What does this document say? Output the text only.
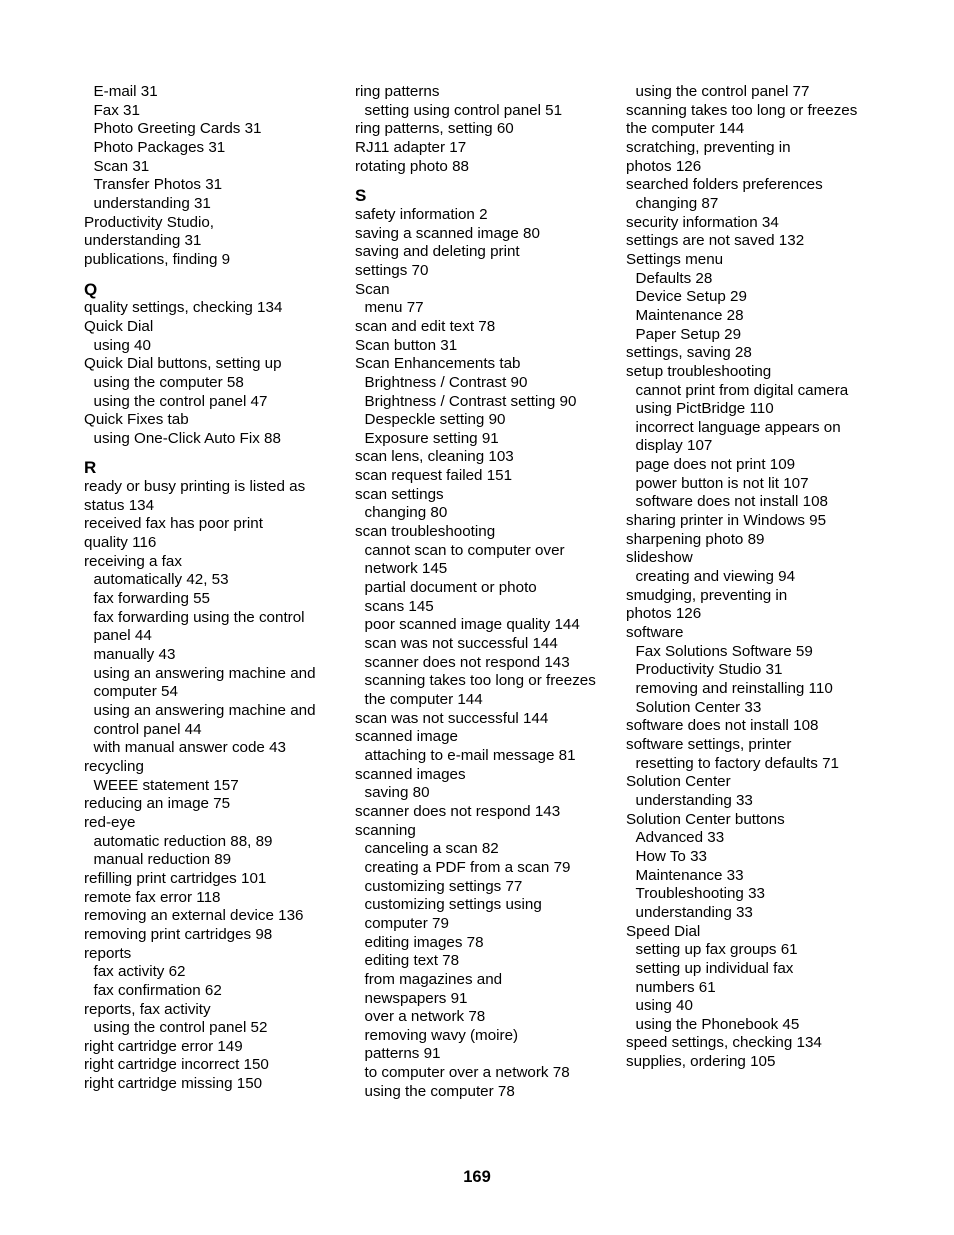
E-mail 31
Fax 31
Photo Greeting Cards 31
Photo Packages 31
Scan 31
Transfer Photos 31
understanding 31
Productivity Studio,
understanding 31
publications, finding 9
Q
quality settings, checking 134
Quick Dial
using 40
Quick Dial buttons, setting up
using the computer 58
using the control panel 47
Quick Fixes tab
using One-Click Auto Fix 88
R
ready or busy printing is listed as
status 134
received fax has poor print
quality 116
receiving a fax
automatically 42, 53
fax forwarding 55
fax forwarding using the control
panel 44
manually 43
using an answering machine and
computer 54
using an answering machine and
control panel 44
with manual answer code 43
recycling
WEEE statement 157
reducing an image 75
red-eye
automatic reduction 88, 89
manual reduction 89
refilling print cartridges 101
remote fax error 118
removing an external device 136
removing print cartridges 98
reports
fax activity 62
fax confirmation 62
reports, fax activity
using the control panel 52
right cartridge error 149
right cartridge incorrect 150
right cartridge missing 150
ring patterns
setting using control panel 51
ring patterns, setting 60
RJ11 adapter 17
rotating photo 88
S
safety information 2
saving a scanned image 80
saving and deleting print
settings 70
Scan
menu 77
scan and edit text 78
Scan button 31
Scan Enhancements tab
Brightness / Contrast 90
Brightness / Contrast setting 90
Despeckle setting 90
Exposure setting 91
scan lens, cleaning 103
scan request failed 151
scan settings
changing 80
scan troubleshooting
cannot scan to computer over
network 145
partial document or photo
scans 145
poor scanned image quality 144
scan was not successful 144
scanner does not respond 143
scanning takes too long or freezes
the computer 144
scan was not successful 144
scanned image
attaching to e-mail message 81
scanned images
saving 80
scanner does not respond 143
scanning
canceling a scan 82
creating a PDF from a scan 79
customizing settings 77
customizing settings using
computer 79
editing images 78
editing text 78
from magazines and
newspapers 91
over a network 78
removing wavy (moire)
patterns 91
to computer over a network 78
using the computer 78
using the control panel 77
scanning takes too long or freezes
the computer 144
scratching, preventing in
photos 126
searched folders preferences
changing 87
security information 34
settings are not saved 132
Settings menu
Defaults 28
Device Setup 29
Maintenance 28
Paper Setup 29
settings, saving 28
setup troubleshooting
cannot print from digital camera
using PictBridge 110
incorrect language appears on
display 107
page does not print 109
power button is not lit 107
software does not install 108
sharing printer in Windows 95
sharpening photo 89
slideshow
creating and viewing 94
smudging, preventing in
photos 126
software
Fax Solutions Software 59
Productivity Studio 31
removing and reinstalling 110
Solution Center 33
software does not install 108
software settings, printer
resetting to factory defaults 71
Solution Center
understanding 33
Solution Center buttons
Advanced 33
How To 33
Maintenance 33
Troubleshooting 33
understanding 33
Speed Dial
setting up fax groups 61
setting up individual fax
numbers 61
using 40
using the Phonebook 45
speed settings, checking 134
supplies, ordering 105
169
